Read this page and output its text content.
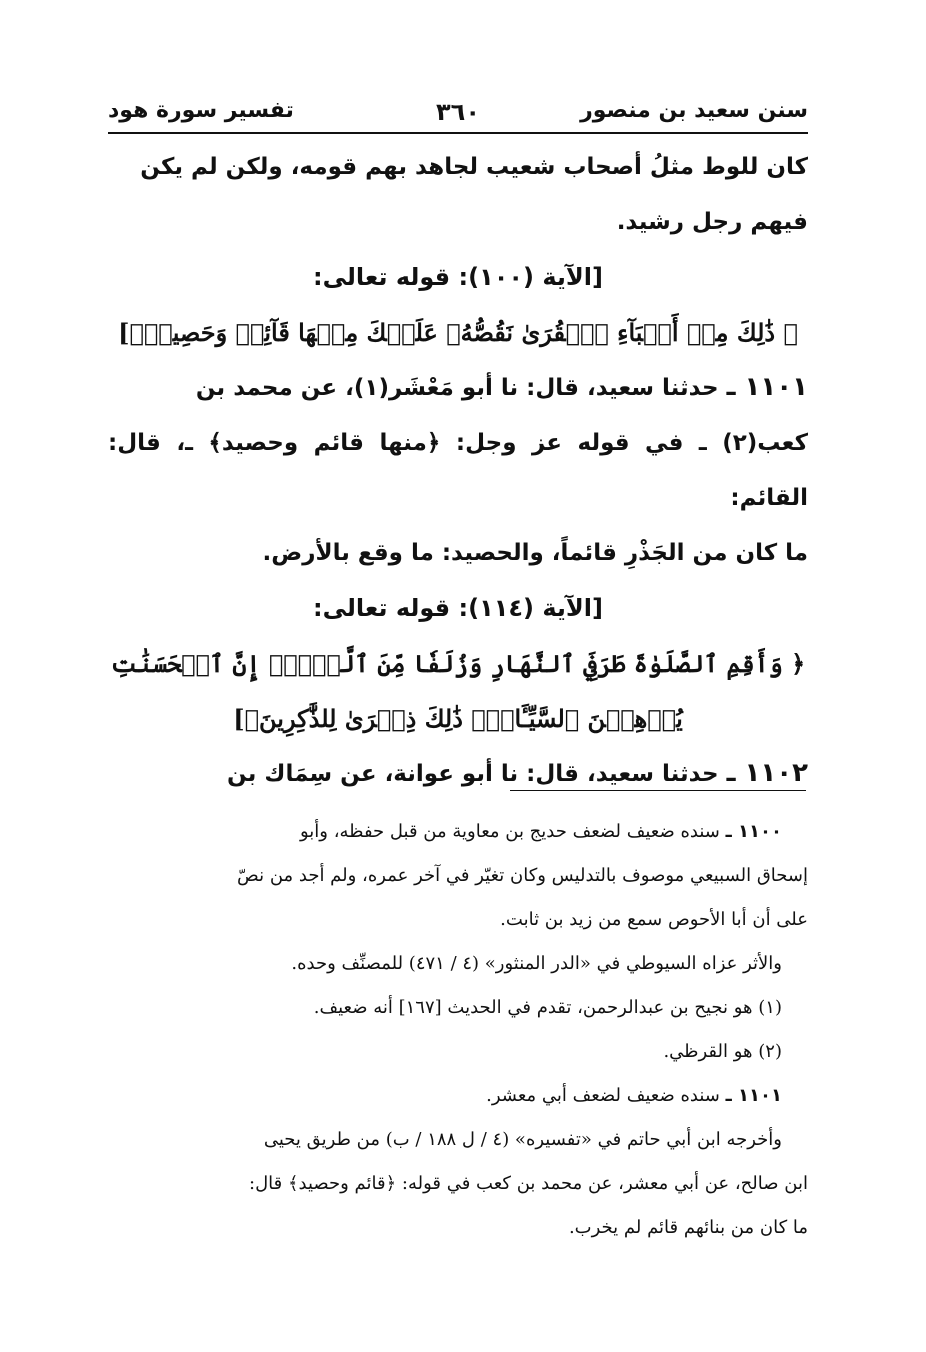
سنن سعيد بن منصور
٣٦٠
تفسير سورة هود

كان للوط مثلُ أصحاب شعيب لجاهد بهم قومه، ولكن لم يكن

فيهم رجل رشيد.

[الآية (١٠٠): قوله تعالى:

﴿ ذَٰلِكَ مِنۡ أَنۢبَآءِ ٱلۡقُرَىٰ نَقُصُّهُۥ عَلَيۡكَ مِنۡهَا قَآئِمٞ وَحَصِيدٞ﴾]

١١٠١ ـ حدثنا سعيد، قال: نا أبو مَعْشَر(١)، عن محمد بن

كعب(٢) ـ في قوله عز وجل: ﴿منها قائم وحصيد﴾ ـ، قال: القائم:

ما كان من الجَذْرِ قائماً، والحصيد: ما وقع بالأرض.

[الآية (١١٤): قوله تعالى:

﴿ وَأَقِمِ ٱلصَّلَوٰةَ طَرَفَيِ ٱلنَّهَارِ وَزُلَفٗا مِّنَ ٱلَّيۡلِۚ إِنَّ ٱلۡحَسَنَٰتِ

يُذۡهِبۡنَ ٱلسَّيِّـَٔاتِۚ ذَٰلِكَ ذِكۡرَىٰ لِلذَّٰكِرِينَ﴾]

١١٠٢ ـ حدثنا سعيد، قال: نا أبو عوانة، عن سِمَاك بن

١١٠٠ ـ سنده ضعيف لضعف حديج بن معاوية من قبل حفظه، وأبو

إسحاق السبيعي موصوف بالتدليس وكان تغيّر في آخر عمره، ولم أجد من نصّ

على أن أبا الأحوص سمع من زيد بن ثابت.

والأثر عزاه السيوطي في «الدر المنثور» (٤ / ٤٧١) للمصنِّف وحده.

(١) هو نجيح بن عبدالرحمن، تقدم في الحديث [١٦٧] أنه ضعيف.

(٢) هو القرظي.

١١٠١ ـ سنده ضعيف لضعف أبي معشر.

وأخرجه ابن أبي حاتم في «تفسيره» (٤ / ل ١٨٨ / ب) من طريق يحيى

ابن صالح، عن أبي معشر، عن محمد بن كعب في قوله: ﴿قائم وحصيد﴾ قال:

ما كان من بنائهم قائم لم يخرب.
